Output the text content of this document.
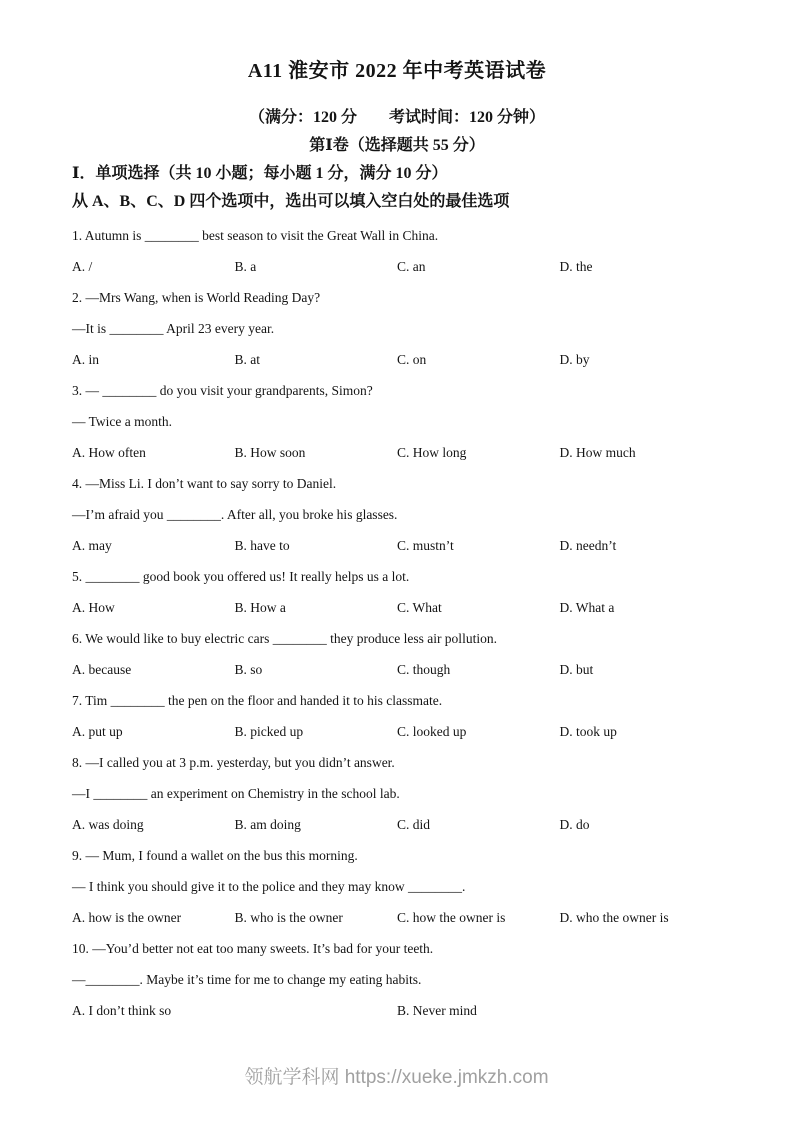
A11 淮安市 2022 年中考英语试卷
（满分：120 分　　考试时间：120 分钟）
第Ⅰ卷（选择题共 55 分）
Ⅰ．单项选择（共 10 小题；每小题 1 分，满分 10 分）
从 A、B、C、D 四个选项中，选出可以填入空白处的最佳选项

1. Autumn is ________ best season to visit the Great Wall in China.

A. /	B. a	C. an	D. the

2. —Mrs Wang, when is World Reading Day?

—It is ________ April 23 every year.

A. in	B. at	C. on	D. by

3. — ________ do you visit your grandparents, Simon?

— Twice a month.

A. How often	B. How soon	C. How long	D. How much

4. —Miss Li. I don’t want to say sorry to Daniel.

—I’m afraid you ________. After all, you broke his glasses.

A. may	B. have to	C. mustn’t	D. needn’t

5. ________ good book you offered us! It really helps us a lot.

A. How	B. How a	C. What	D. What a

6. We would like to buy electric cars ________ they produce less air pollution.

A. because	B. so	C. though	D. but

7. Tim ________ the pen on the floor and handed it to his classmate.

A. put up	B. picked up	C. looked up	D. took up

8. —I called you at 3 p.m. yesterday, but you didn’t answer.

—I ________ an experiment on Chemistry in the school lab.

A. was doing	B. am doing	C. did	D. do

9. — Mum, I found a wallet on the bus this morning.

— I think you should give it to the police and they may know ________.

A. how is the owner	B. who is the owner	C. how the owner is	D. who the owner is

10. —You’d better not eat too many sweets. It’s bad for your teeth.

—________. Maybe it’s time for me to change my eating habits.

A. I don’t think so	B. Never mind
领航学科网 https://xueke.jmkzh.com
